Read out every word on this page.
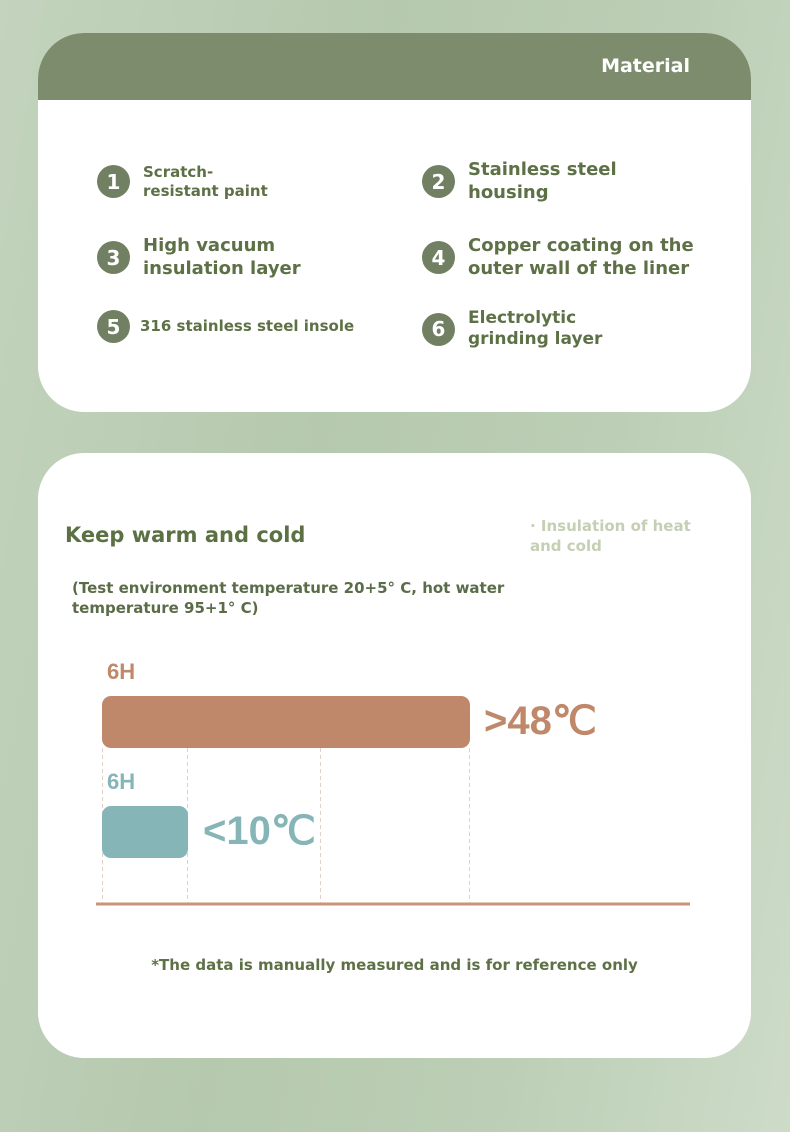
Material
1	Scratch-
resistant paint	2	Stainless steel
housing
3	High vacuum
insulation layer	4	Copper coating on the
outer wall of the liner
5	316 stainless steel insole	6	Electrolytic
grinding layer
Keep warm and cold	· Insulation of heat and cold
(Test environment temperature 20+5° C, hot water temperature 95+1° C)
6H
>48℃
6H
<10℃
*The data is manually measured and is for reference only
